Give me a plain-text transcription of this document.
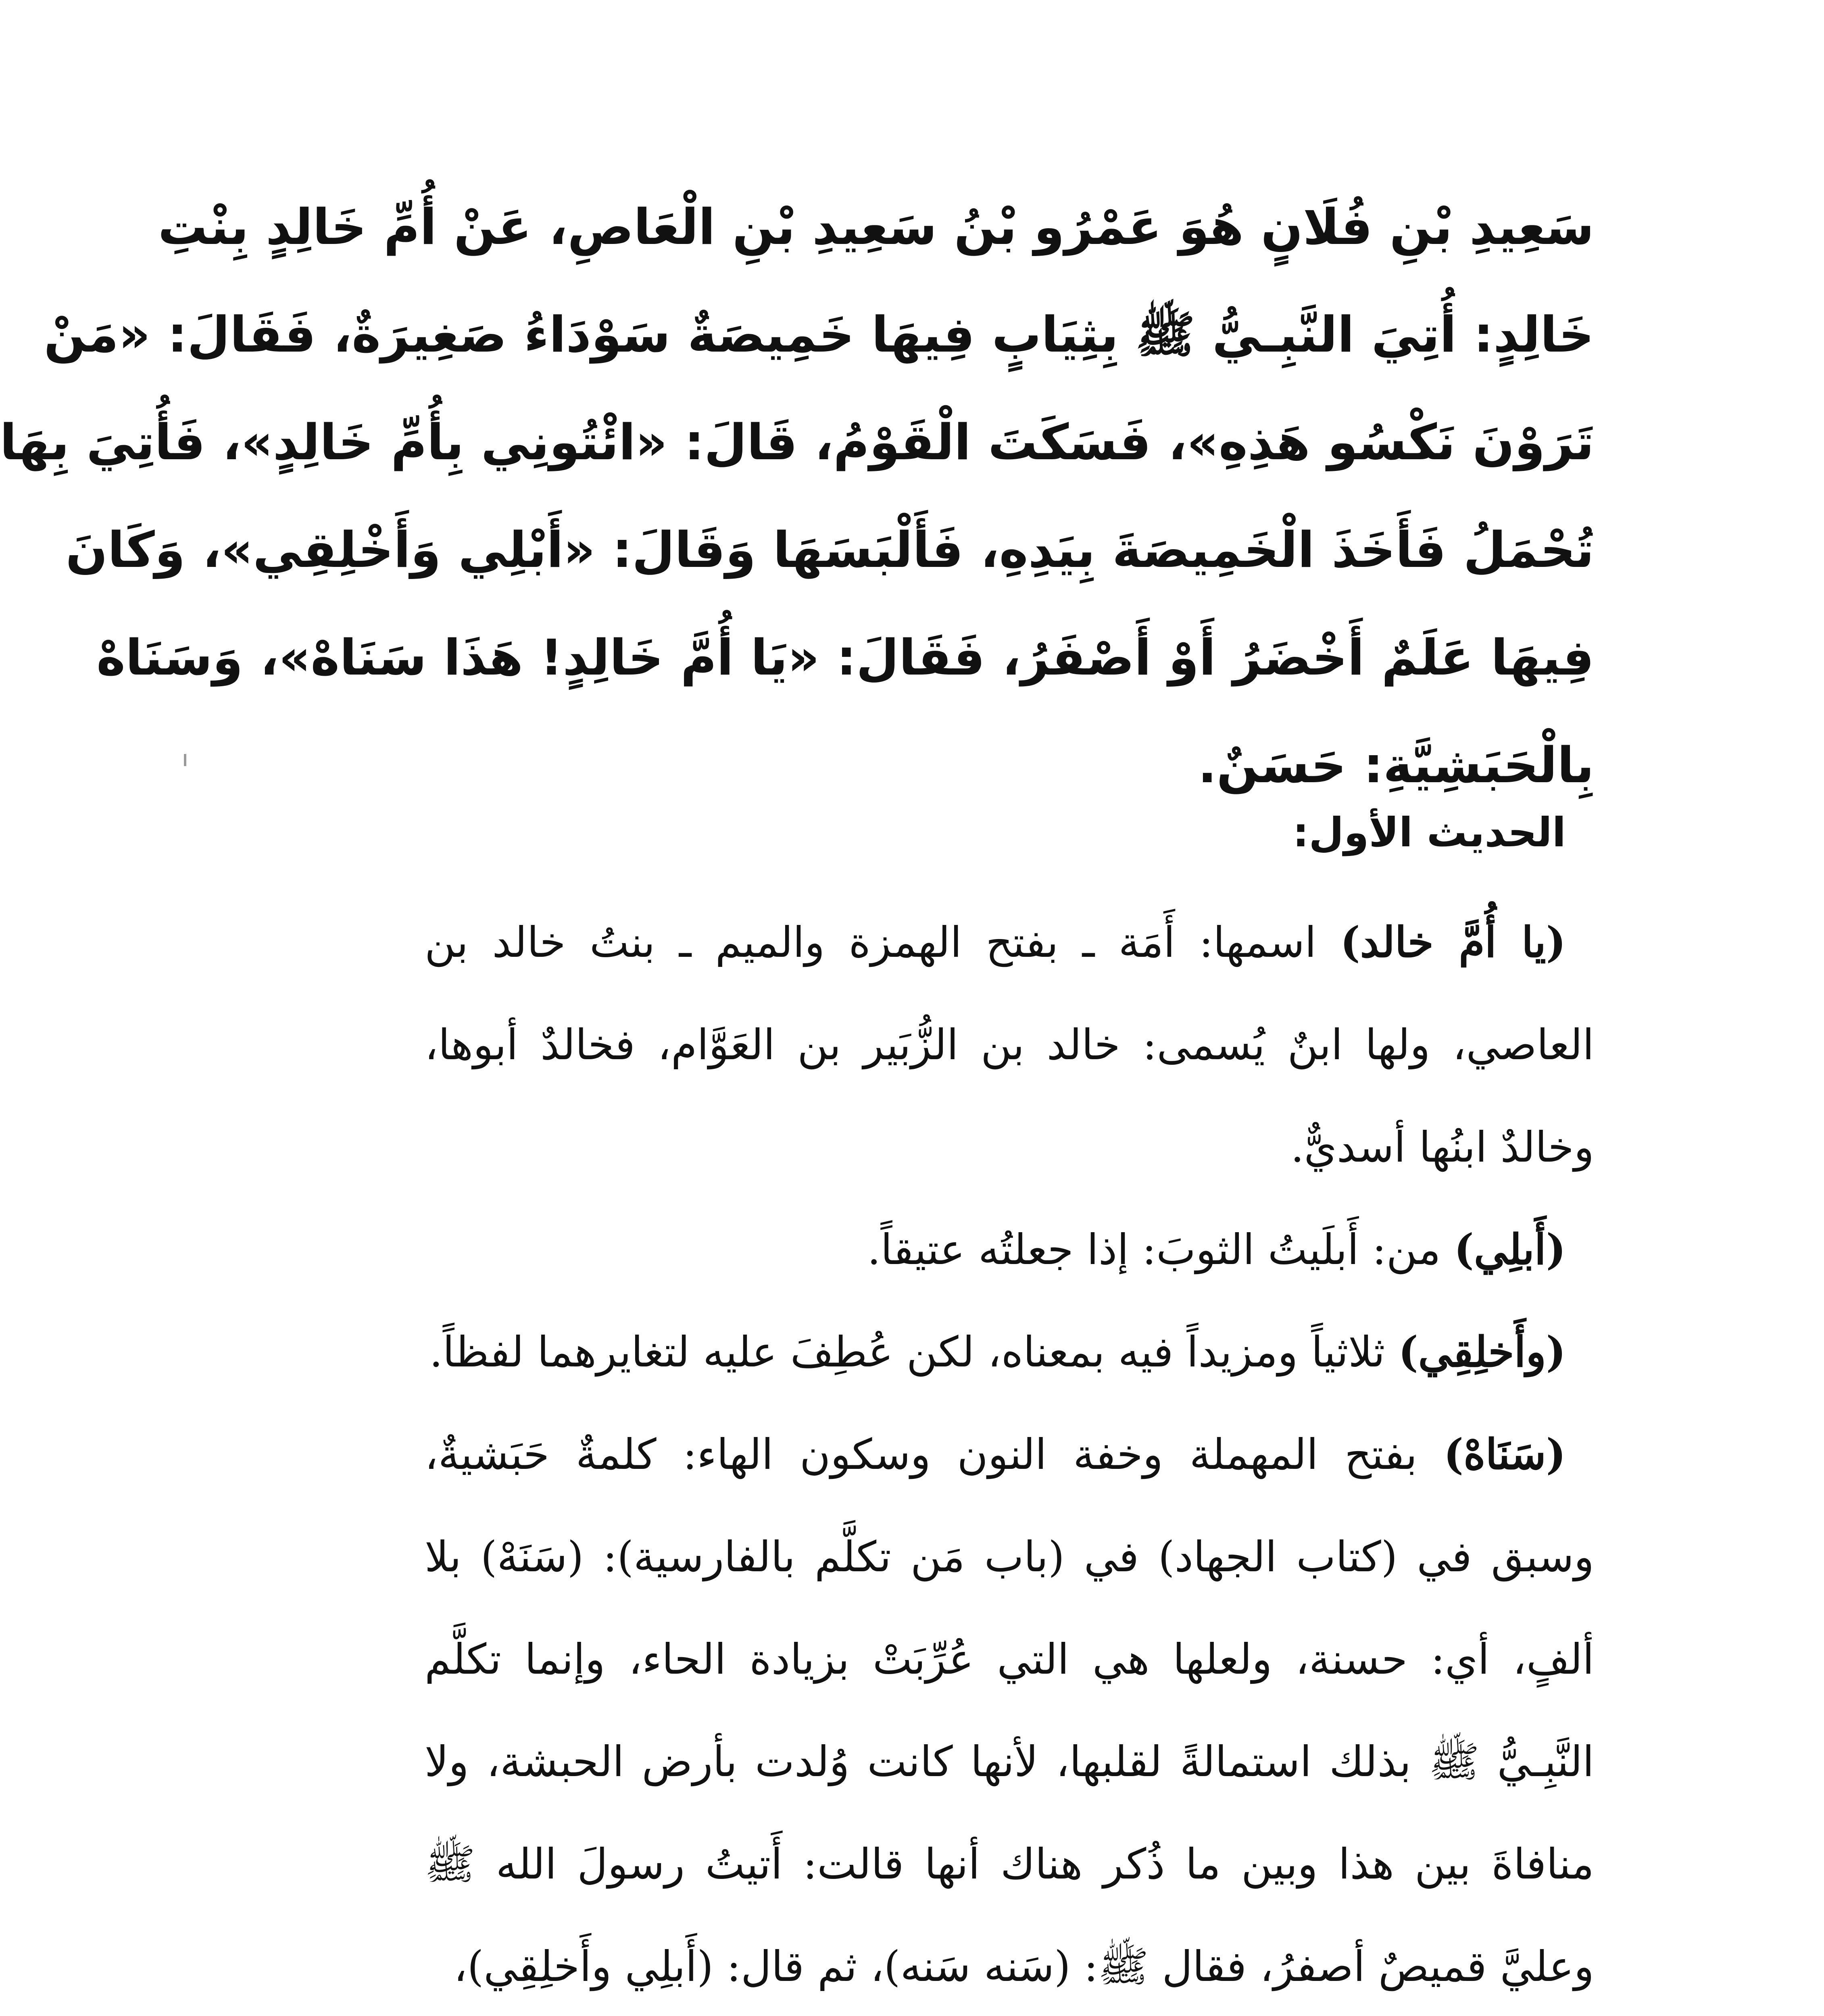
سَعِيدِ بْنِ فُلَانٍ هُوَ عَمْرُو بْنُ سَعِيدِ بْنِ الْعَاصِ، عَنْ أُمِّ خَالِدٍ بِنْتِ
خَالِدٍ: أُتِيَ النَّبِـيُّ ﷺ بِثِيَابٍ فِيهَا خَمِيصَةٌ سَوْدَاءُ صَغِيرَةٌ، فَقَالَ: «مَنْ
تَرَوْنَ نَكْسُو هَذِهِ»، فَسَكَتَ الْقَوْمُ، قَالَ: «ائْتُونِي بِأُمِّ خَالِدٍ»، فَأُتِيَ بِهَا
تُحْمَلُ فَأَخَذَ الْخَمِيصَةَ بِيَدِهِ، فَأَلْبَسَهَا وَقَالَ: «أَبْلِي وَأَخْلِقِي»، وَكَانَ
فِيهَا عَلَمٌ أَخْضَرُ أَوْ أَصْفَرُ، فَقَالَ: «يَا أُمَّ خَالِدٍ! هَذَا سَنَاهْ»، وَسَنَاهْ
بِالْحَبَشِيَّةِ: حَسَنٌ.
الحديث الأول:

(يا أُمَّ خالد) اسمها: أَمَة ـ بفتح الهمزة والميم ـ بنتُ خالد بن العاصي، ولها ابنٌ يُسمى: خالد بن الزُّبَير بن العَوَّام، فخالدٌ أبوها، وخالدٌ ابنُها أسديٌّ.

(أَبلِي) من: أَبلَيتُ الثوبَ: إذا جعلتُه عتيقاً.

(وأَخلِقِي) ثلاثياً ومزيداً فيه بمعناه، لكن عُطِفَ عليه لتغايرهما لفظاً.

(سَنَاهْ) بفتح المهملة وخفة النون وسكون الهاء: كلمةٌ حَبَشيةٌ، وسبق في (كتاب الجهاد) في (باب مَن تكلَّم بالفارسية): (سَنَهْ) بلا ألفٍ، أي: حسنة، ولعلها هي التي عُرِّبَتْ بزيادة الحاء، وإنما تكلَّم النَّبِـيُّ ﷺ بذلك استمالةً لقلبها، لأنها كانت وُلدت بأرض الحبشة، ولا منافاةَ بين هذا وبين ما ذُكر هناك أنها قالت: أَتيتُ رسولَ الله ﷺ وعليَّ قميصٌ أصفرُ، فقال ﷺ: (سَنه سَنه)، ثم قال: (أَبلِي وأَخلِقِي)،
